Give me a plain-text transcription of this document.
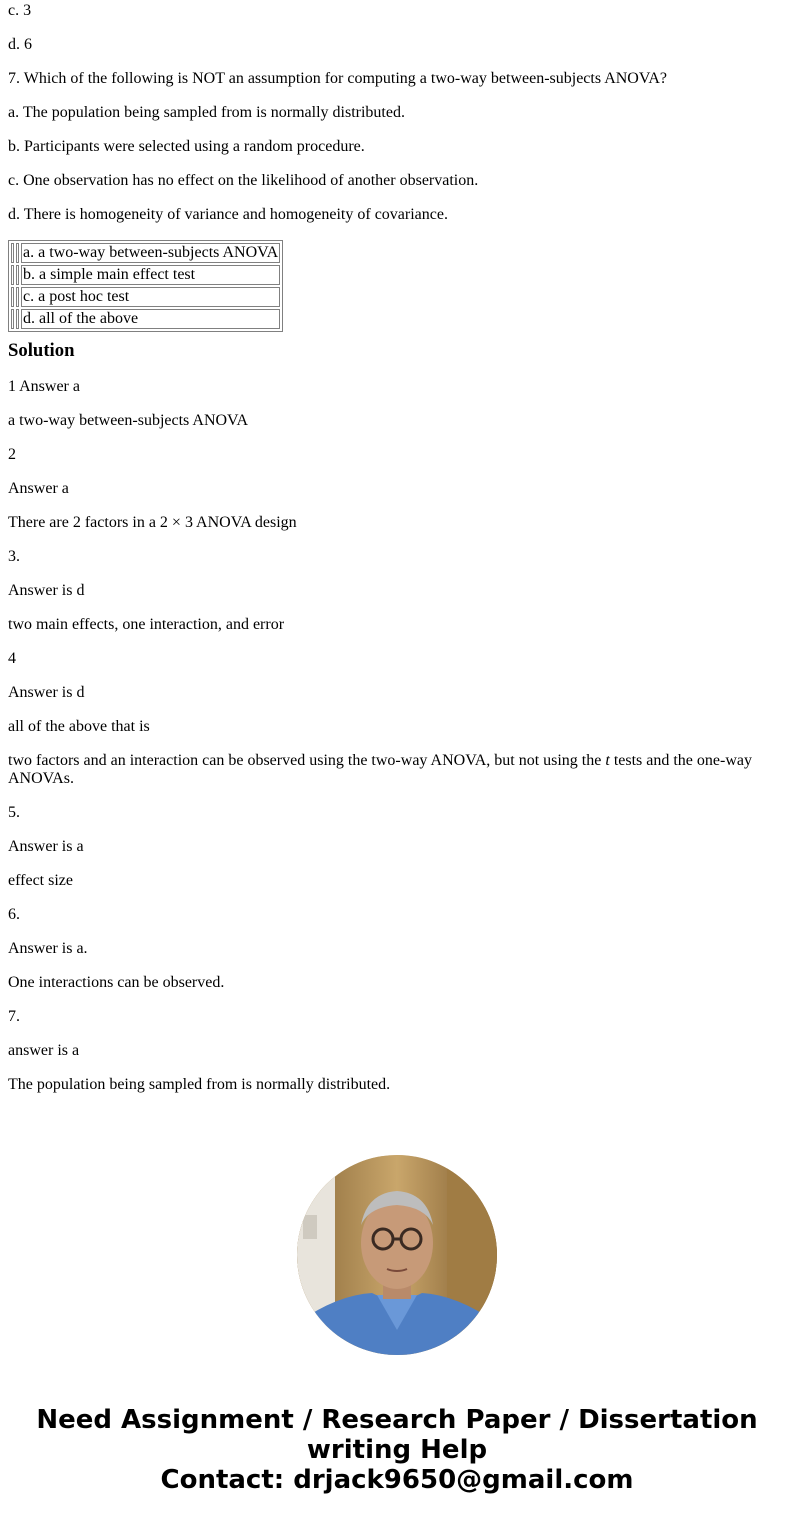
c. 3

d. 6

7. Which of the following is NOT an assumption for computing a two-way between-subjects ANOVA?

a. The population being sampled from is normally distributed.

b. Participants were selected using a random procedure.

c. One observation has no effect on the likelihood of another observation.

d. There is homogeneity of variance and homogeneity of covariance.

		a. a two-way between-subjects ANOVA
		b. a simple main effect test
		c. a post hoc test
		d. all of the above
Solution

1 Answer a

a two-way between-subjects ANOVA

2

Answer a

There are 2 factors in a 2 × 3 ANOVA design

3.

Answer is d

two main effects, one interaction, and error

4

Answer is d

all of the above that is

two factors and an interaction can be observed using the two-way ANOVA, but not using the t tests and the one-way ANOVAs.

5.

Answer is a

effect size

6.

Answer is a.

One interactions can be observed.

7.

answer is a

The population being sampled from is normally distributed.

Need Assignment / Research Paper / Dissertation
writing Help
Contact: drjack9650@gmail.com
